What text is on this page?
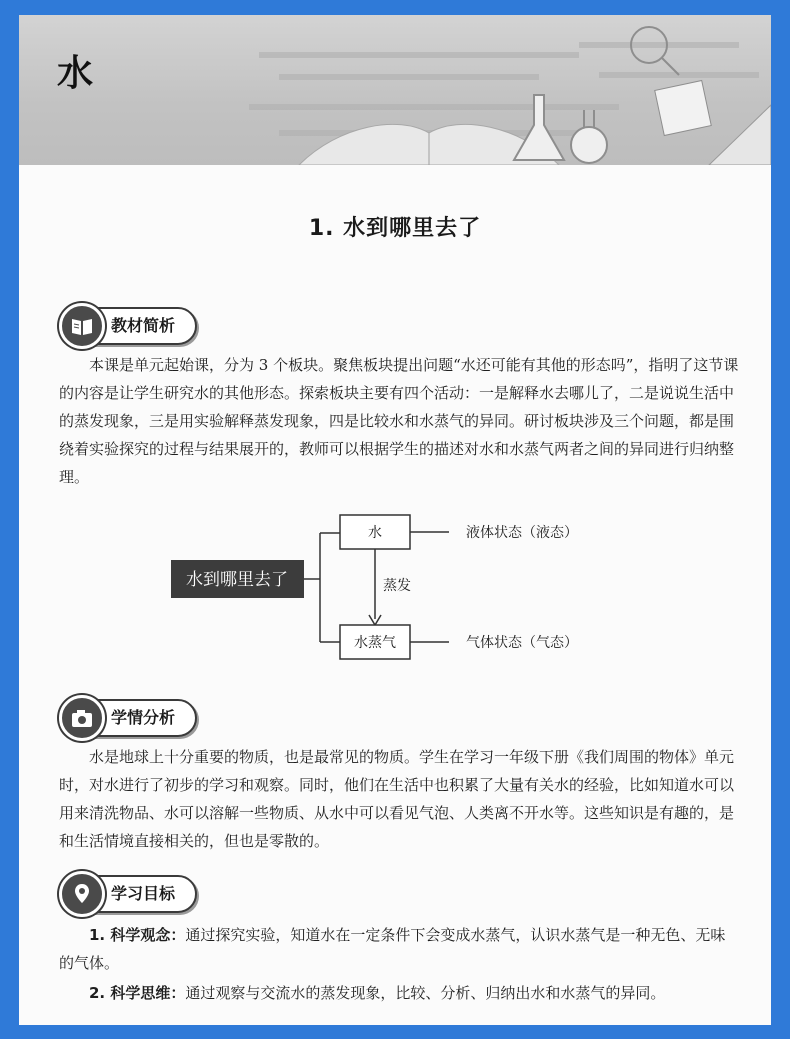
水
1. 水到哪里去了
教材简析

本课是单元起始课，分为 3 个板块。聚焦板块提出问题“水还可能有其他的形态吗”，指明了这节课的内容是让学生研究水的其他形态。探索板块主要有四个活动：一是解释水去哪儿了，二是说说生活中的蒸发现象，三是用实验解释蒸发现象，四是比较水和水蒸气的异同。研讨板块涉及三个问题，都是围绕着实验探究的过程与结果展开的，教师可以根据学生的描述对水和水蒸气两者之间的异同进行归纳整理。

水到哪里去了
水	液体状态（液态）
蒸发
水蒸气	气体状态（气态）
学情分析

水是地球上十分重要的物质，也是最常见的物质。学生在学习一年级下册《我们周围的物体》单元时，对水进行了初步的学习和观察。同时，他们在生活中也积累了大量有关水的经验，比如知道水可以用来清洗物品、水可以溶解一些物质、从水中可以看见气泡、人类离不开水等。这些知识是有趣的，是和生活情境直接相关的，但也是零散的。

学习目标

1. 科学观念：通过探究实验，知道水在一定条件下会变成水蒸气，认识水蒸气是一种无色、无味的气体。

2. 科学思维：通过观察与交流水的蒸发现象，比较、分析、归纳出水和水蒸气的异同。
